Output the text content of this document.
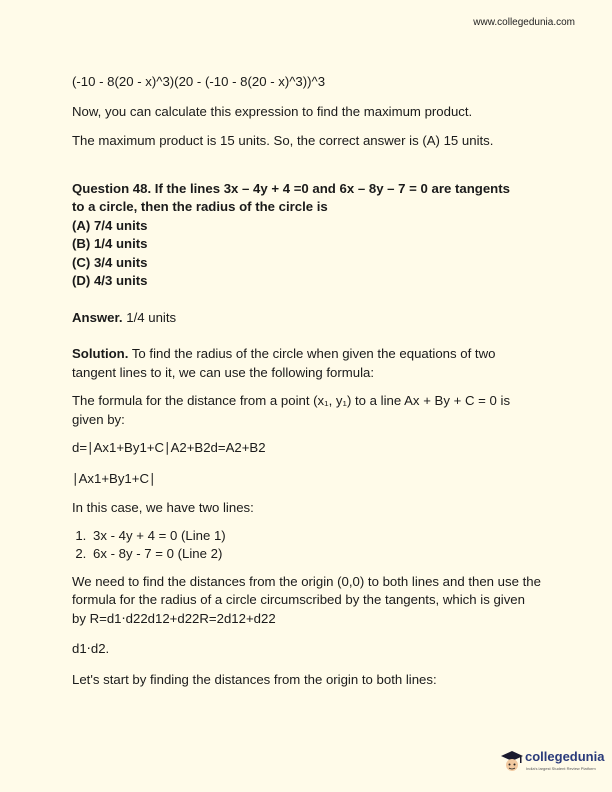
www.collegedunia.com

(-10 - 8(20 - x)^3)(20 - (-10 - 8(20 - x)^3))^3

Now, you can calculate this expression to find the maximum product.

The maximum product is 15 units. So, the correct answer is (A) 15 units.

Question 48. If the lines 3x – 4y + 4 =0 and 6x – 8y – 7 = 0 are tangents
to a circle, then the radius of the circle is
(A) 7/4 units
(B) 1/4 units
(C) 3/4 units
(D) 4/3 units

Answer. 1/4 units

Solution. To find the radius of the circle when given the equations of two tangent lines to it, we can use the following formula:

The formula for the distance from a point (x₁, y₁) to a line Ax + By + C = 0 is given by:

d=∣Ax1+By1+C∣A2+B2d=A2+B2

∣Ax1+By1+C∣

In this case, we have two lines:

1. 3x - 4y + 4 = 0 (Line 1)
2. 6x - 8y - 7 = 0 (Line 2)

We need to find the distances from the origin (0,0) to both lines and then use the formula for the radius of a circle circumscribed by the tangents, which is given by R=d1⋅d22d12+d22R=2d12+d22

d1⋅d2.

Let's start by finding the distances from the origin to both lines:

collegedunia
India's largest Student Review Platform
